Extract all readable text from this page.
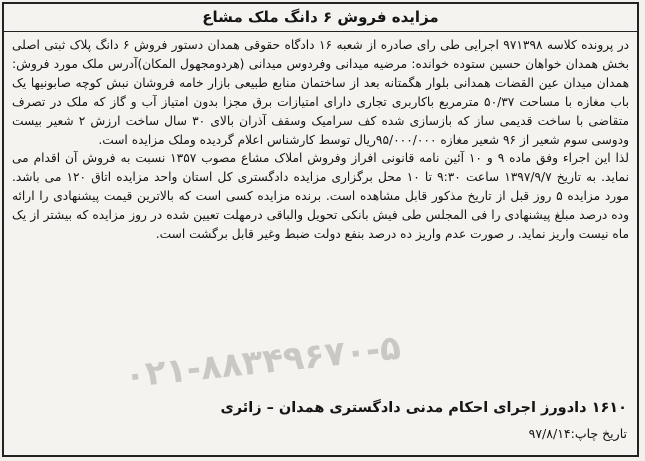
مزایده فروش ۶ دانگ ملک مشاع

در پرونده کلاسه ۹۷۱۳۹۸ اجرایی طی رای صادره از شعبه ۱۶ دادگاه حقوقی همدان دستور فروش ۶ دانگ پلاک ثبتی اصلی بخش همدان خواهان حسین ستوده خوانده: مرضیه میدانی وفردوس میدانی (هردومجهول المکان)آدرس ملک مورد فروش: همدان میدان عین القضات همدانی بلوار هگمتانه بعد از ساختمان منابع طبیعی بازار خامه فروشان نبش کوچه صابونیها یک باب مغازه با مساحت ۵۰/۳۷ مترمربع باکاربری تجاری دارای امتیازات برق مجزا بدون امتیاز آب و گاز که ملک در تصرف متقاضی با ساخت قدیمی ساز که بازسازی شده کف سرامیک وسقف آذران بالای ۳۰ سال ساخت ارزش ۲ شعیر بیست ودوسی سوم شعیر از ۹۶ شعیر مغازه ۹۵/۰۰۰/۰۰۰ریال توسط کارشناس اعلام گردیده وملک مزایده است.

لذا این اجراء وفق ماده ۹ و ۱۰ آئین نامه قانونی افراز وفروش املاک مشاع مصوب ۱۳۵۷ نسبت به فروش آن اقدام می نماید. به تاریخ ۱۳۹۷/۹/۷ ساعت ۹:۳۰ تا ۱۰ محل برگزاری مزایده دادگستری کل استان واحد مزایده اتاق ۱۲۰ می باشد. مورد مزایده ۵ روز قبل از تاریخ مذکور قابل مشاهده است. برنده مزایده کسی است که بالاترین قیمت پیشنهادی را ارائه وده درصد مبلغ پیشنهادی را فی المجلس طی فیش بانکی تحویل والباقی درمهلت تعیین شده در روز مزایده که بیشتر از یک ماه نیست واریز نماید. ر صورت عدم واریز ده درصد بنفع دولت ضبط وغیر قابل برگشت است.

۰۲۱-۸۸۳۴۹۶۷۰-۵
۱۶۱۰ دادورز اجرای احکام مدنی دادگستری همدان – زائری
تاریخ چاپ:۹۷/۸/۱۴
